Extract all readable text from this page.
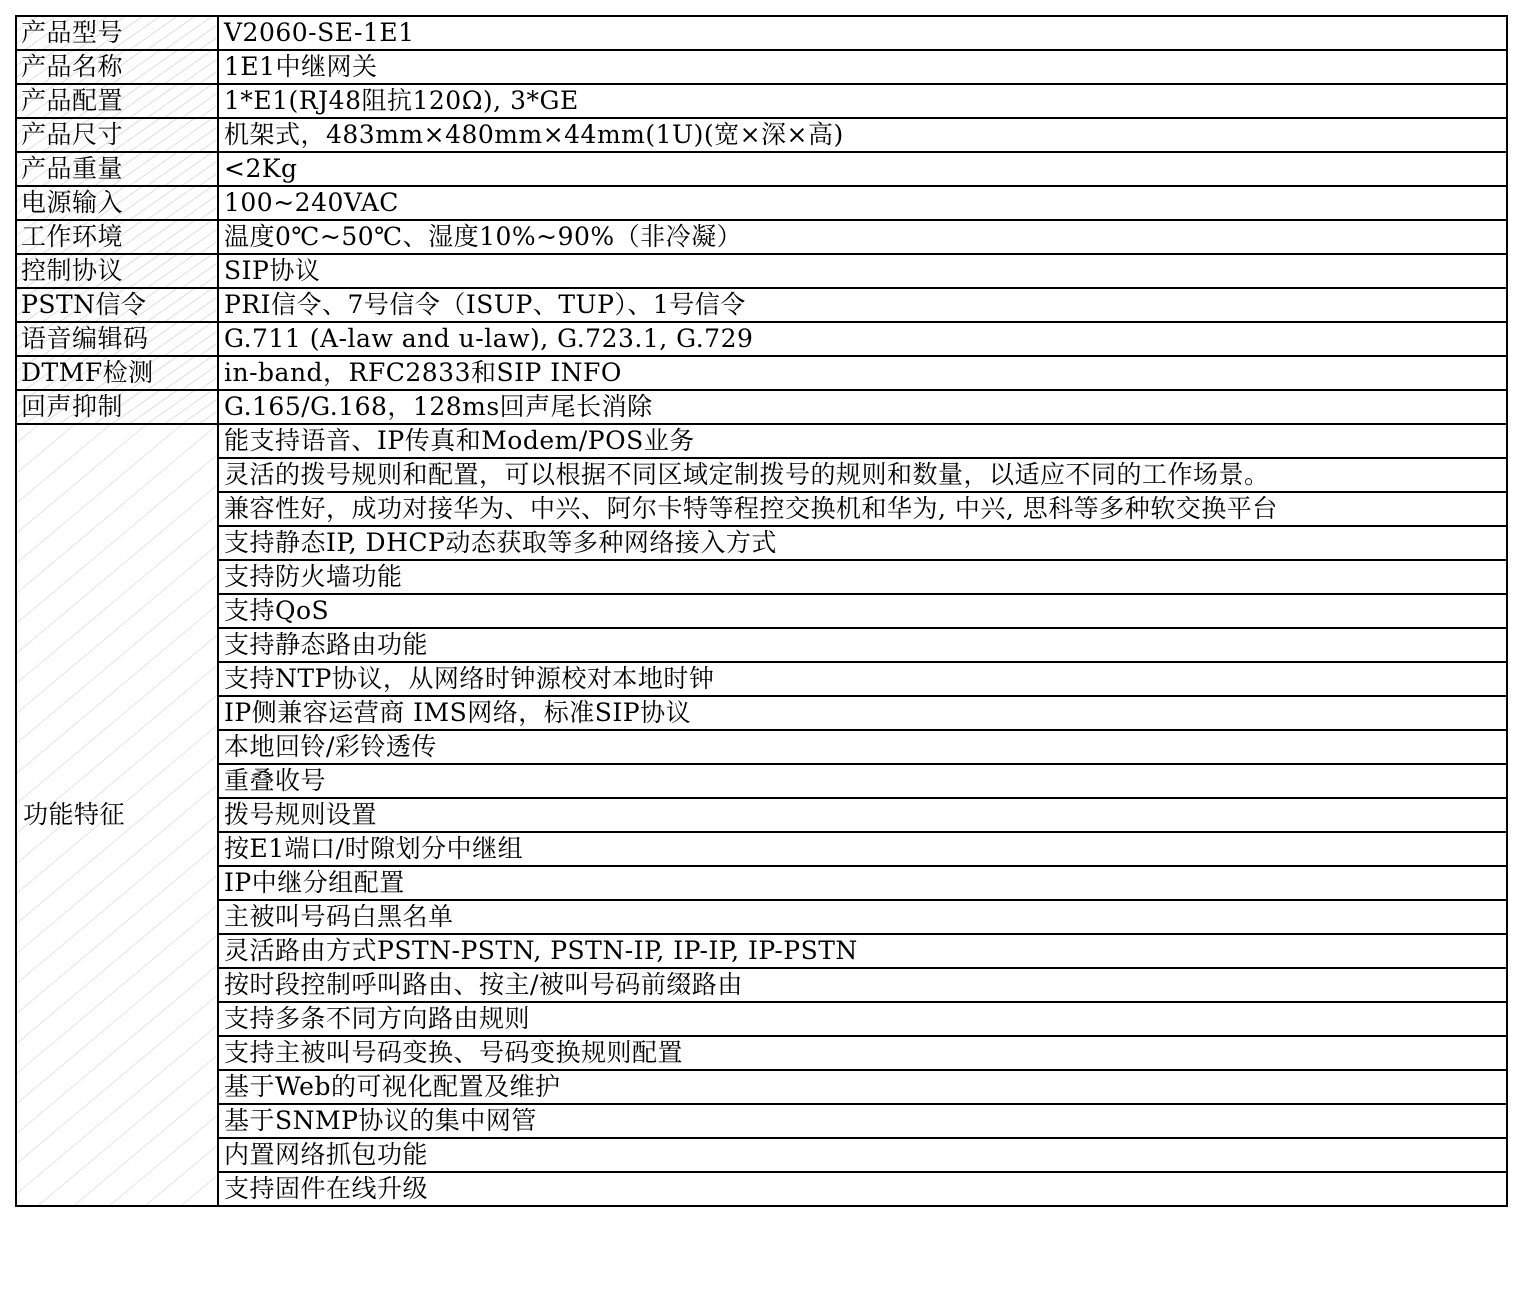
产品型号	V2060-SE-1E1
产品名称	1E1中继网关
产品配置	1*E1(RJ48阻抗120Ω), 3*GE
产品尺寸	机架式，483mm×480mm×44mm(1U)(宽×深×高)
产品重量	<2Kg
电源输入	100~240VAC
工作环境	温度0℃~50℃、湿度10%~90%（非冷凝）
控制协议	SIP协议
PSTN信令	PRI信令、7号信令（ISUP、TUP）、1号信令
语音编辑码	G.711 (A-law and u-law), G.723.1, G.729
DTMF检测	in-band，RFC2833和SIP INFO
回声抑制	G.165/G.168，128ms回声尾长消除
功能特征	能支持语音、IP传真和Modem/POS业务
	灵活的拨号规则和配置，可以根据不同区域定制拨号的规则和数量，以适应不同的工作场景。
	兼容性好，成功对接华为、中兴、阿尔卡特等程控交换机和华为, 中兴, 思科等多种软交换平台
	支持静态IP, DHCP动态获取等多种网络接入方式
	支持防火墙功能
	支持QoS
	支持静态路由功能
	支持NTP协议，从网络时钟源校对本地时钟
	IP侧兼容运营商 IMS网络，标准SIP协议
	本地回铃/彩铃透传
	重叠收号
	拨号规则设置
	按E1端口/时隙划分中继组
	IP中继分组配置
	主被叫号码白黑名单
	灵活路由方式PSTN-PSTN, PSTN-IP, IP-IP, IP-PSTN
	按时段控制呼叫路由、按主/被叫号码前缀路由
	支持多条不同方向路由规则
	支持主被叫号码变换、号码变换规则配置
	基于Web的可视化配置及维护
	基于SNMP协议的集中网管
	内置网络抓包功能
	支持固件在线升级
